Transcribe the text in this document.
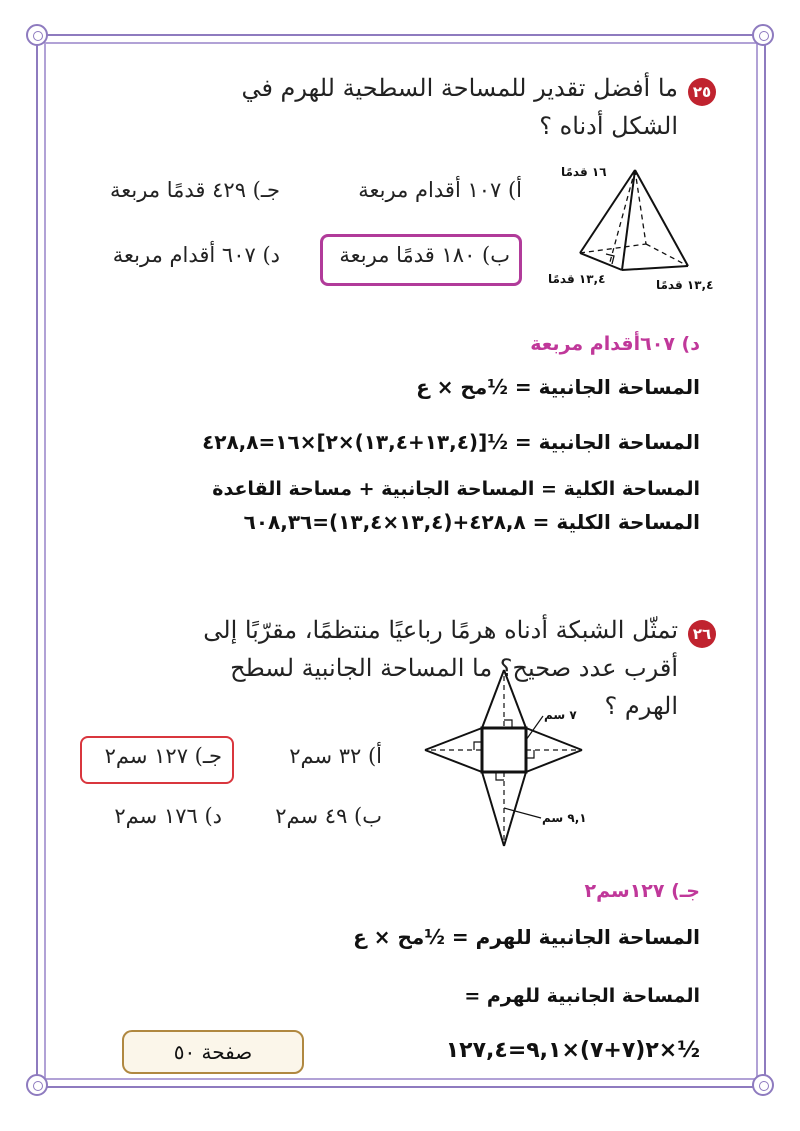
٢٥
ما أفضل تقدير للمساحة السطحية للهرم في
الشكل أدناه ؟
١٦ قدمًا
١٣,٤ قدمًا	١٣,٤ قدمًا
أ) ١٠٧ أقدام مربعة
جـ) ٤٢٩ قدمًا مربعة
ب) ١٨٠ قدمًا مربعة
د) ٦٠٧ أقدام مربعة
د) ٦٠٧أقدام مربعة
المساحة الجانبية = ½مح × ع
المساحة الجانبية = ½[(١٣,٤+١٣,٤)×٢]×١٦=٤٢٨,٨
المساحة الكلية = المساحة الجانبية + مساحة القاعدة
المساحة الكلية = ٤٢٨,٨+(١٣,٤×١٣,٤)=٦٠٨,٣٦
٢٦
تمثّل الشبكة أدناه هرمًا رباعيًا منتظمًا، مقرّبًا إلى
أقرب عدد صحيح؟ ما المساحة الجانبية لسطح
الهرم ؟
٧ سم
٩,١ سم
جـ) ١٢٧ سم٢	أ) ٣٢ سم٢
د) ١٧٦ سم٢	ب) ٤٩ سم٢
جـ) ١٢٧سم٢
المساحة الجانبية للهرم = ½مح × ع
المساحة الجانبية للهرم =
½×٢(٧+٧)×٩,١=١٢٧,٤
صفحة ٥٠
